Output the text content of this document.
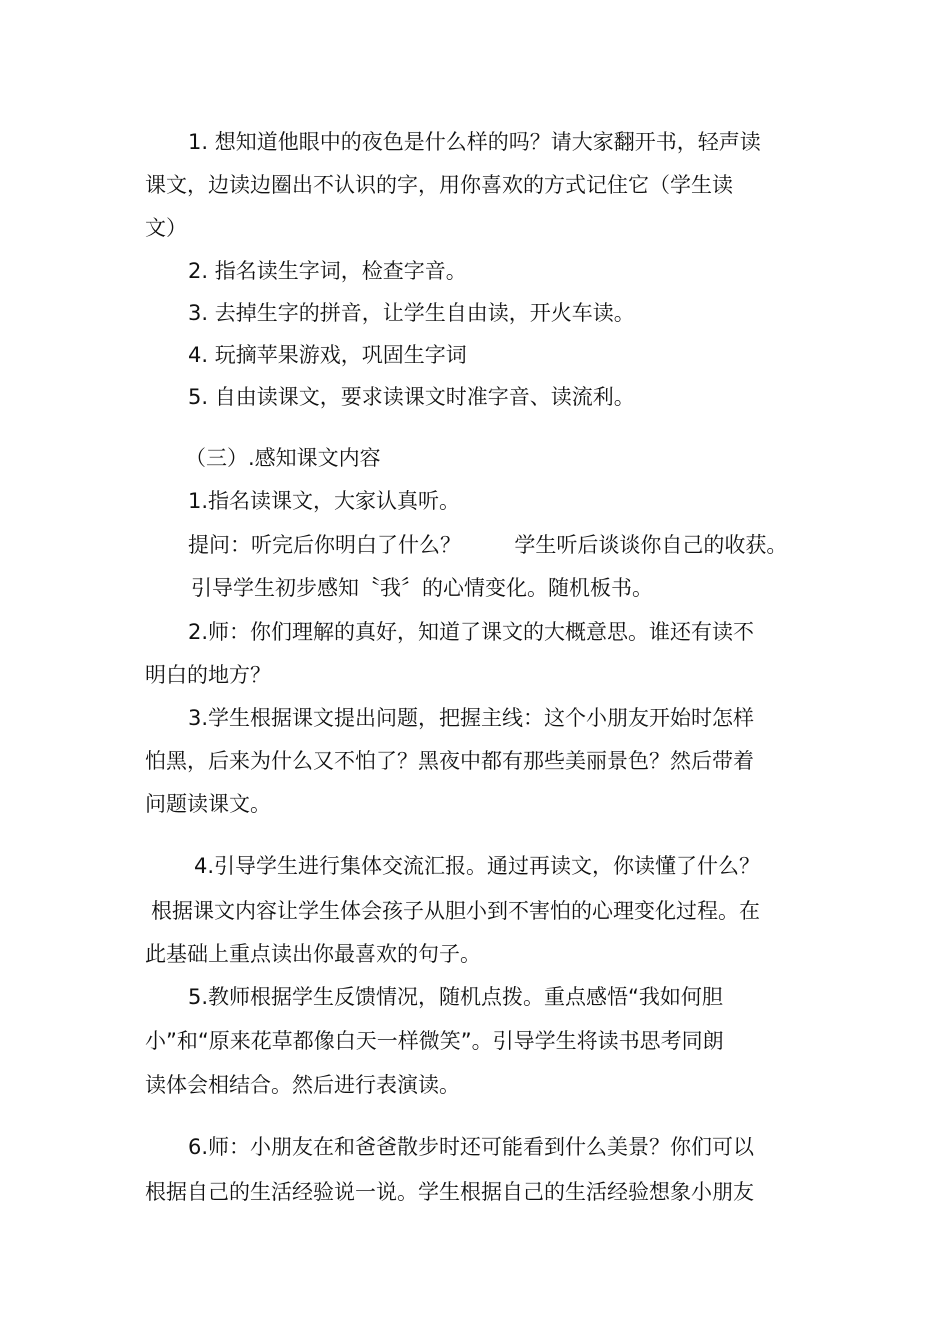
1. 想知道他眼中的夜色是什么样的吗？请大家翻开书，轻声读

课文，边读边圈出不认识的字，用你喜欢的方式记住它（学生读

文）

2. 指名读生字词，检查字音。

3. 去掉生字的拼音，让学生自由读，开火车读。

4. 玩摘苹果游戏，巩固生字词

5. 自由读课文，要求读课文时准字音、读流利。

（三）.感知课文内容

1.指名读课文，大家认真听。

提问：听完后你明白了什么？        学生听后谈谈你自己的收获。

引导学生初步感知〝我〞的心情变化。随机板书。

2.师：你们理解的真好，知道了课文的大概意思。谁还有读不

明白的地方？

3.学生根据课文提出问题，把握主线：这个小朋友开始时怎样

怕黑，后来为什么又不怕了？黑夜中都有那些美丽景色？然后带着

问题读课文。

4.引导学生进行集体交流汇报。通过再读文，你读懂了什么？

根据课文内容让学生体会孩子从胆小到不害怕的心理变化过程。在

此基础上重点读出你最喜欢的句子。

5.教师根据学生反馈情况，随机点拨。重点感悟“我如何胆

小”和“原来花草都像白天一样微笑”。引导学生将读书思考同朗

读体会相结合。然后进行表演读。

6.师：小朋友在和爸爸散步时还可能看到什么美景？你们可以

根据自己的生活经验说一说。学生根据自己的生活经验想象小朋友
